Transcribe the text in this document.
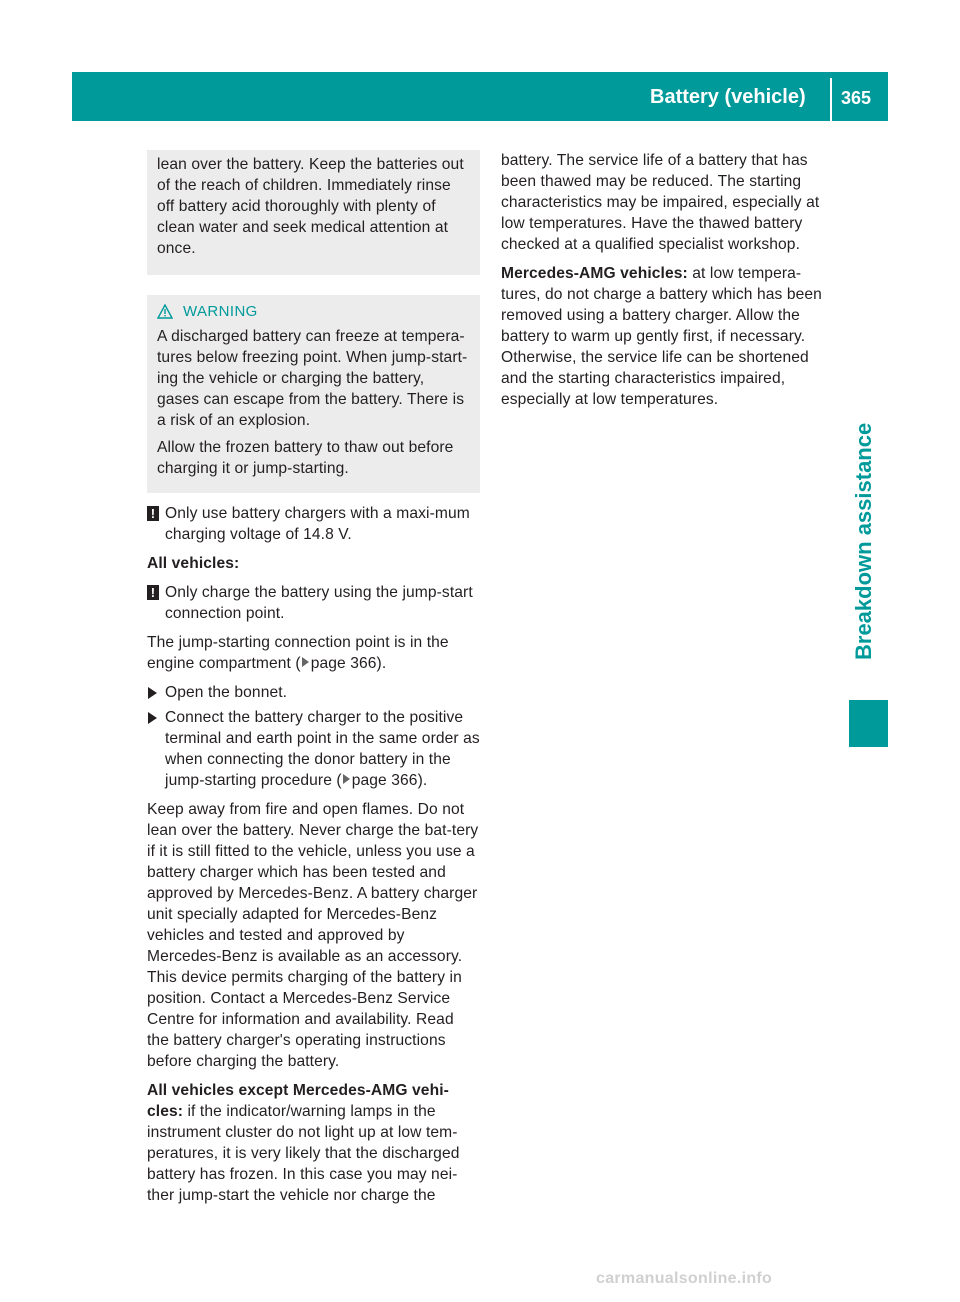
Battery (vehicle) 365
Breakdown assistance
lean over the battery. Keep the batteries out of the reach of children. Immediately rinse off battery acid thoroughly with plenty of clean water and seek medical attention at once.
WARNING
A discharged battery can freeze at tempera-tures below freezing point. When jump-start-ing the vehicle or charging the battery, gases can escape from the battery. There is a risk of an explosion.
Allow the frozen battery to thaw out before charging it or jump-starting.
! Only use battery chargers with a maxi-mum charging voltage of 14.8 V.
All vehicles:
! Only charge the battery using the jump-start connection point.
The jump-starting connection point is in the engine compartment ( page 366).
Open the bonnet.
Connect the battery charger to the positive terminal and earth point in the same order as when connecting the donor battery in the jump-starting procedure ( page 366).
Keep away from fire and open flames. Do not lean over the battery. Never charge the bat-tery if it is still fitted to the vehicle, unless you use a battery charger which has been tested and approved by Mercedes-Benz. A battery charger unit specially adapted for Mercedes-Benz vehicles and tested and approved by Mercedes-Benz is available as an accessory. This device permits charging of the battery in position. Contact a Mercedes-Benz Service Centre for information and availability. Read the battery charger's operating instructions before charging the battery.
All vehicles except Mercedes-AMG vehi-cles: if the indicator/warning lamps in the instrument cluster do not light up at low tem-peratures, it is very likely that the discharged battery has frozen. In this case you may nei-ther jump-start the vehicle nor charge the
battery. The service life of a battery that has been thawed may be reduced. The starting characteristics may be impaired, especially at low temperatures. Have the thawed battery checked at a qualified specialist workshop.
Mercedes-AMG vehicles: at low tempera-tures, do not charge a battery which has been removed using a battery charger. Allow the battery to warm up gently first, if necessary. Otherwise, the service life can be shortened and the starting characteristics impaired, especially at low temperatures.
carmanualsonline.info
